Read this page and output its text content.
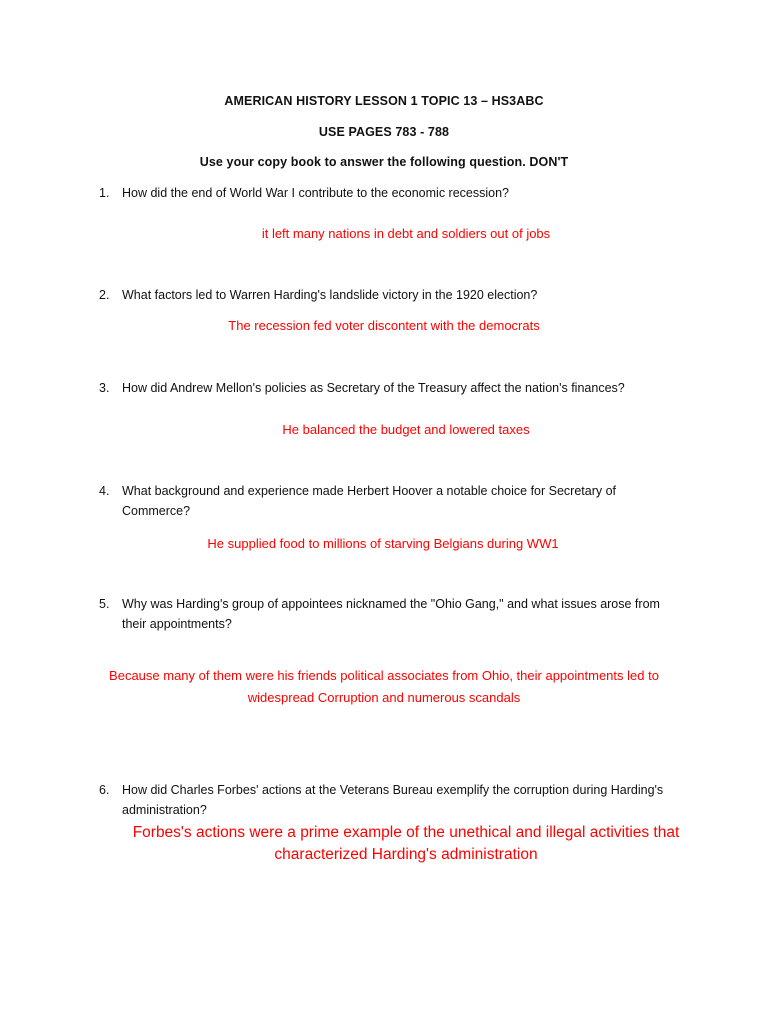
AMERICAN HISTORY LESSON 1 TOPIC 13 – HS3ABC
USE PAGES 783 - 788
Use your copy book to answer the following question. DON'T
1.	How did the end of World War I contribute to the economic recession?
it left many nations in debt and soldiers out of jobs
2.	What factors led to Warren Harding's landslide victory in the 1920 election?
The recession fed voter discontent with the democrats
3.	How did Andrew Mellon's policies as Secretary of the Treasury affect the nation's finances?
He balanced the budget and lowered taxes
4.	What background and experience made Herbert Hoover a notable choice for Secretary of Commerce?
He supplied food to millions of starving Belgians during WW1
5.	Why was Harding's group of appointees nicknamed the "Ohio Gang," and what issues arose from their appointments?
Because many of them were his friends political associates from Ohio, their appointments led to widespread Corruption and numerous scandals
6.	How did Charles Forbes' actions at the Veterans Bureau exemplify the corruption during Harding's administration?
Forbes's actions were a prime example of the unethical and illegal activities that characterized Harding's administration
